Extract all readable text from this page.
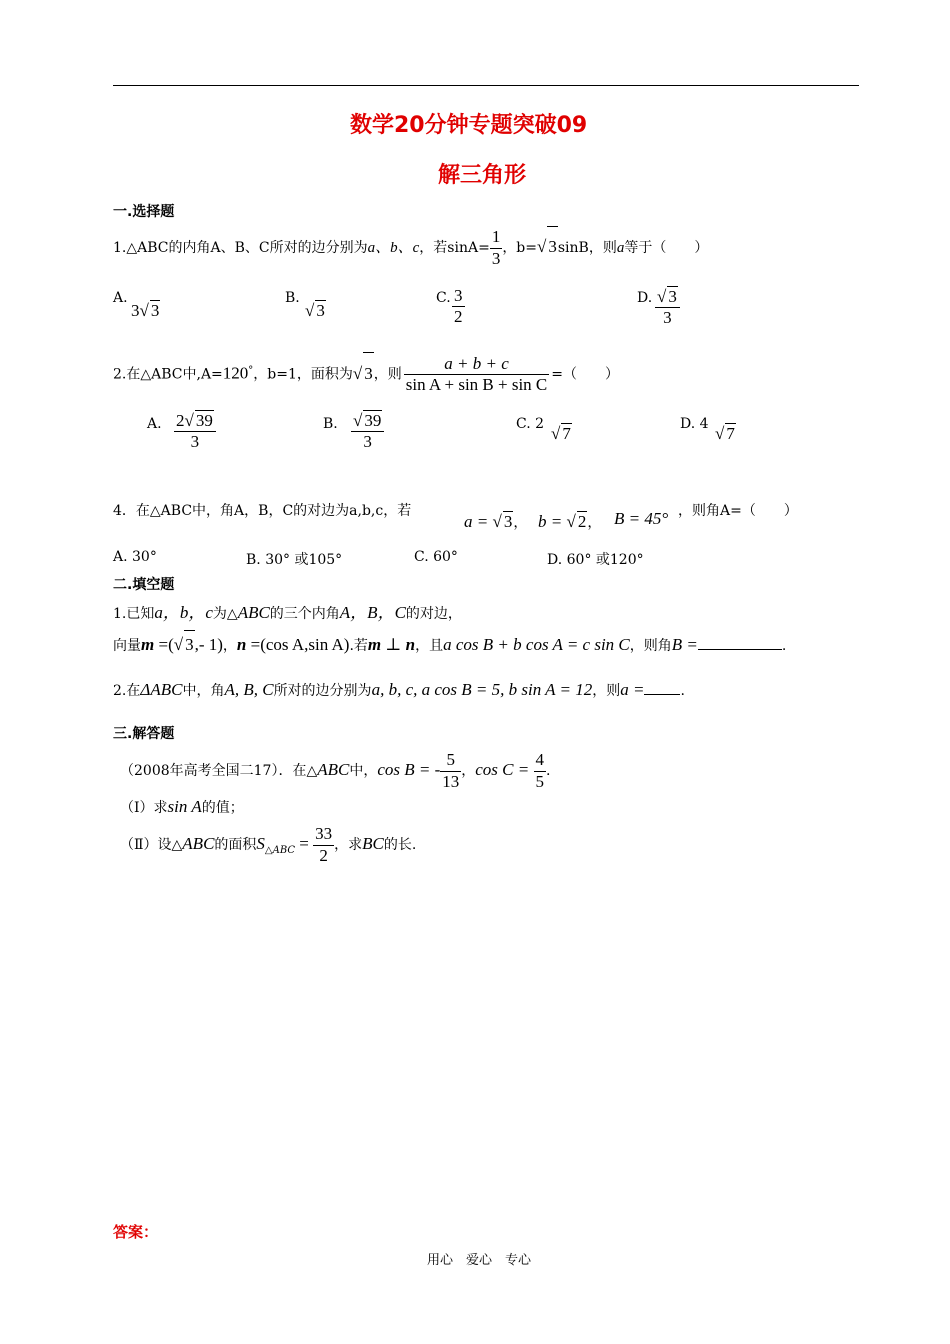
数学20分钟专题突破09
解三角形
一.选择题
1.△ABC的内角A、B、C所对的边分别为a、b、c，若$\sin A= \frac{1}{3}$ ，b=√ 3sinB，则a等于（　　）
A.
3√ 3
B.
√ 3
C. $\frac{3}{2}$	D. $\frac{√ 3}{3}$
2.在△ABC中,A=120°，b=1，面积为√ 3，则 $\frac{a + b + c}{\text{sin A + sin B + sin C}}$ =（　　）
A. $\frac{2√ 39}{3}$	B. $\frac{√ 39}{3}$	C. 2 √ 7	D. 4 √ 7
4．在△ABC中，角A，B，C的对边为a,b,c，若
a = √ 3， b = √ 2， B = 45° ，则角A=（　　）
A. 30°	B. 30° 或105°	C. 60°	D. 60° 或120°
二.填空题
1.已知a，b，c为△ABC的三个内角A，B，C的对边，
向量m =(√ 3,- 1)，n =(cos A,sin A).若m ⊥ n，且a cos B + b cos A = c sin C，则角B =	.
2.在ΔABC中，角A, B, C所对的边分别为a, b, c, a cos B = 5, b sin A = 12，则a =	.
三.解答题
（2008年高考全国二17）．在△ABC中，cos B = - $\frac{5}{13}$ ，$\cos C = \frac{4}{5}$ .
（Ⅰ）求sin A的值；
（Ⅱ）设△ABC的面积$S_{\triangle ABC} = \frac{33}{2}$ ，求BC的长.
答案：
用心　爱心　专心
